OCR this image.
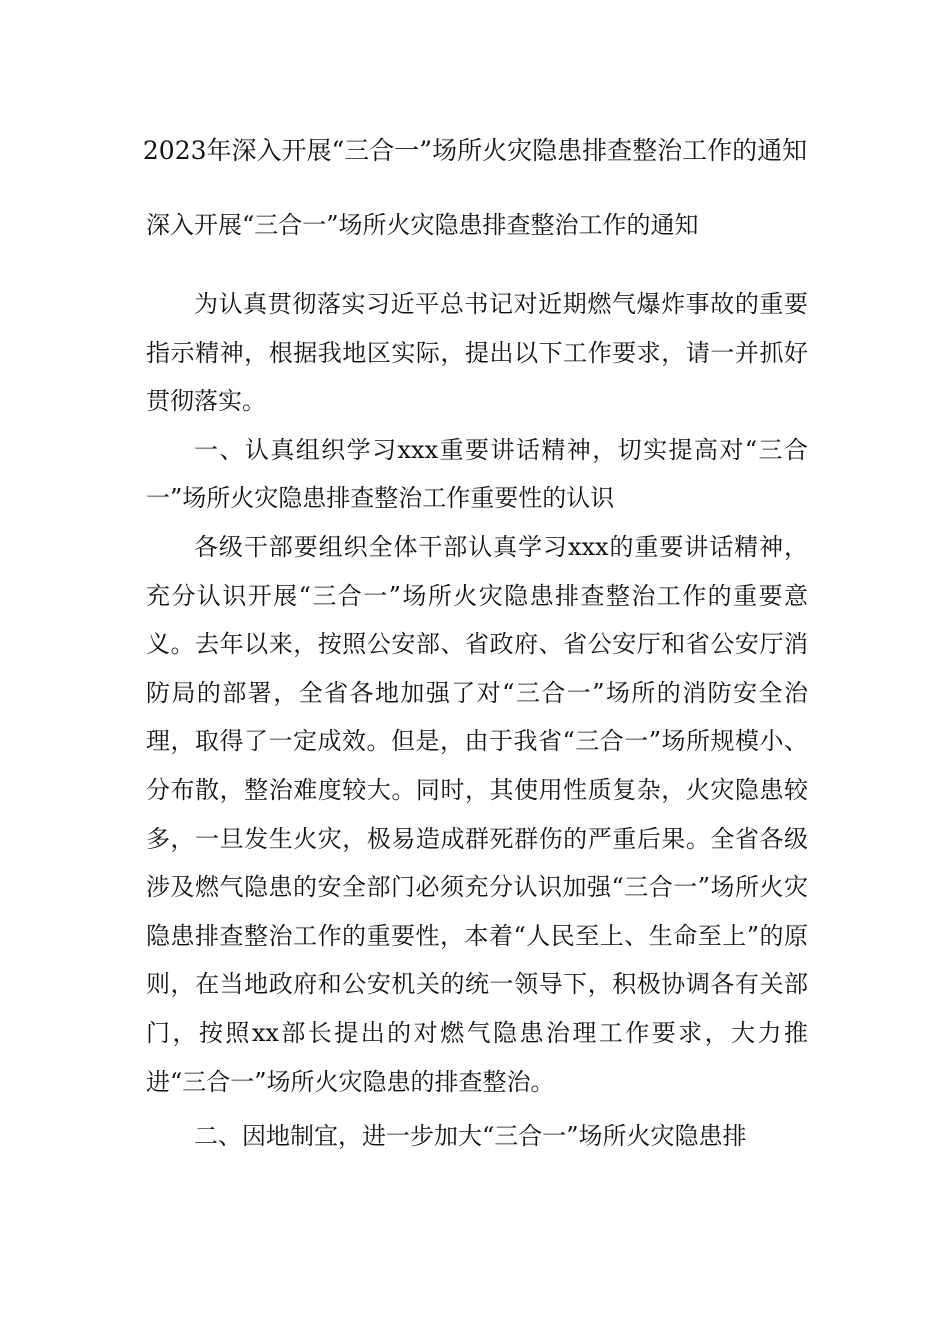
2023年深入开展“三合一”场所火灾隐患排查整治工作的通知

深入开展“三合一”场所火灾隐患排查整治工作的通知

为认真贯彻落实习近平总书记对近期燃气爆炸事故的重要指示精神，根据我地区实际，提出以下工作要求，请一并抓好贯彻落实。

一、认真组织学习xxx重要讲话精神，切实提高对“三合一”场所火灾隐患排查整治工作重要性的认识

各级干部要组织全体干部认真学习xxx的重要讲话精神，充分认识开展“三合一”场所火灾隐患排查整治工作的重要意义。去年以来，按照公安部、省政府、省公安厅和省公安厅消防局的部署，全省各地加强了对“三合一”场所的消防安全治理，取得了一定成效。但是，由于我省“三合一”场所规模小、分布散，整治难度较大。同时，其使用性质复杂，火灾隐患较多，一旦发生火灾，极易造成群死群伤的严重后果。全省各级涉及燃气隐患的安全部门必须充分认识加强“三合一”场所火灾隐患排查整治工作的重要性，本着“人民至上、生命至上”的原则，在当地政府和公安机关的统一领导下，积极协调各有关部门，按照xx部长提出的对燃气隐患治理工作要求，大力推进“三合一”场所火灾隐患的排查整治。

二、因地制宜，进一步加大“三合一”场所火灾隐患排
